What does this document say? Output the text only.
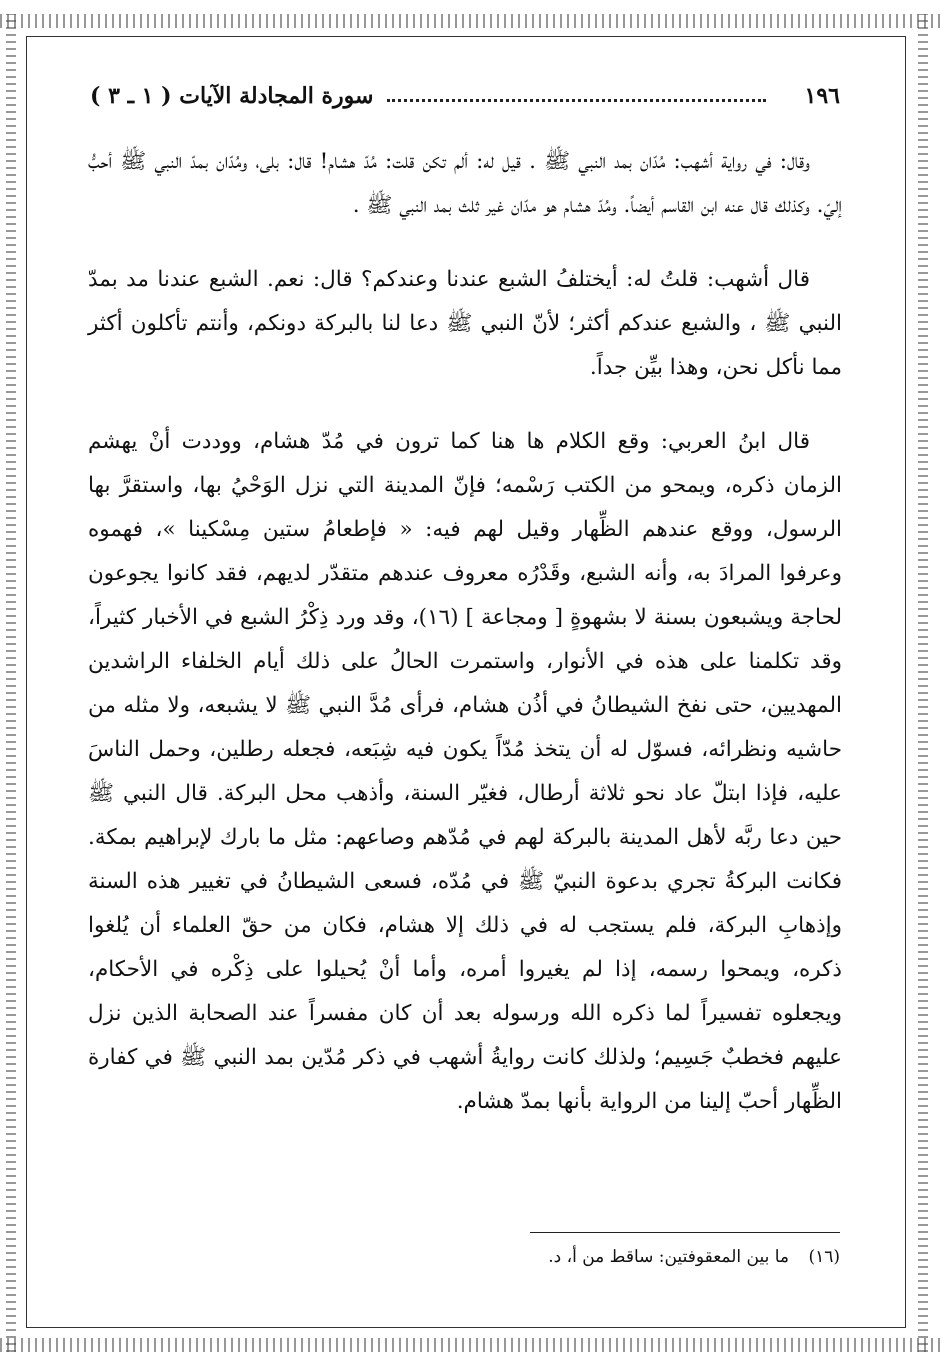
١٩٦
سورة المجادلة الآيات ( ١ ـ ٣ )

وقال: في رواية أشهب: مُدّان بمد النبي ﷺ . قيل له: ألم تكن قلت: مُدّ هشام! قال: بلى، ومُدّان بمدّ النبي ﷺ أحبُّ إليّ. وكذلك قال عنه ابن القاسم أيضاً. ومُدّ هشام هو مدّان غير ثلث بمد النبي ﷺ .

قال أشهب: قلتُ له: أيختلفُ الشبع عندنا وعندكم؟ قال: نعم. الشبع عندنا مد بمدّ النبي ﷺ ، والشبع عندكم أكثر؛ لأنّ النبي ﷺ دعا لنا بالبركة دونكم، وأنتم تأكلون أكثر مما نأكل نحن، وهذا بيِّن جداً.

قال ابنُ العربي: وقع الكلام ها هنا كما ترون في مُدّ هشام، ووددت أنْ يهشم الزمان ذكره، ويمحو من الكتب رَسْمه؛ فإنّ المدينة التي نزل الوَحْيُ بها، واستقرَّ بها الرسول، ووقع عندهم الظِّهار وقيل لهم فيه: « فإطعامُ ستين مِسْكينا »، فهموه وعرفوا المرادَ به، وأنه الشبع، وقَدْرُه معروف عندهم متقدّر لديهم، فقد كانوا يجوعون لحاجة ويشبعون بسنة لا بشهوةٍ [ ومجاعة ] (١٦)، وقد ورد ذِكْرُ الشبع في الأخبار كثيراً، وقد تكلمنا على هذه في الأنوار، واستمرت الحالُ على ذلك أيام الخلفاء الراشدين المهديين، حتى نفخ الشيطانُ في أذُن هشام، فرأى مُدَّ النبي ﷺ لا يشبعه، ولا مثله من حاشيه ونظرائه، فسوّل له أن يتخذ مُدّاً يكون فيه شِبَعه، فجعله رطلين، وحمل الناسَ عليه، فإذا ابتلّ عاد نحو ثلاثة أرطال، فغيّر السنة، وأذهب محل البركة. قال النبي ﷺ حين دعا ربَّه لأهل المدينة بالبركة لهم في مُدّهم وصاعهم: مثل ما بارك لإبراهيم بمكة. فكانت البركةُ تجري بدعوة النبيّ ﷺ في مُدّه، فسعى الشيطانُ في تغيير هذه السنة وإذهابِ البركة، فلم يستجب له في ذلك إلا هشام، فكان من حقّ العلماء أن يُلغوا ذكره، ويمحوا رسمه، إذا لم يغيروا أمره، وأما أنْ يُحيلوا على ذِكْره في الأحكام، ويجعلوه تفسيراً لما ذكره الله ورسوله بعد أن كان مفسراً عند الصحابة الذين نزل عليهم فخطبٌ جَسِيم؛ ولذلك كانت روايةُ أشهب في ذكر مُدّين بمد النبي ﷺ في كفارة الظِّهار أحبّ إلينا من الرواية بأنها بمدّ هشام.

(١٦) ما بين المعقوفتين: ساقط من أ، د.
